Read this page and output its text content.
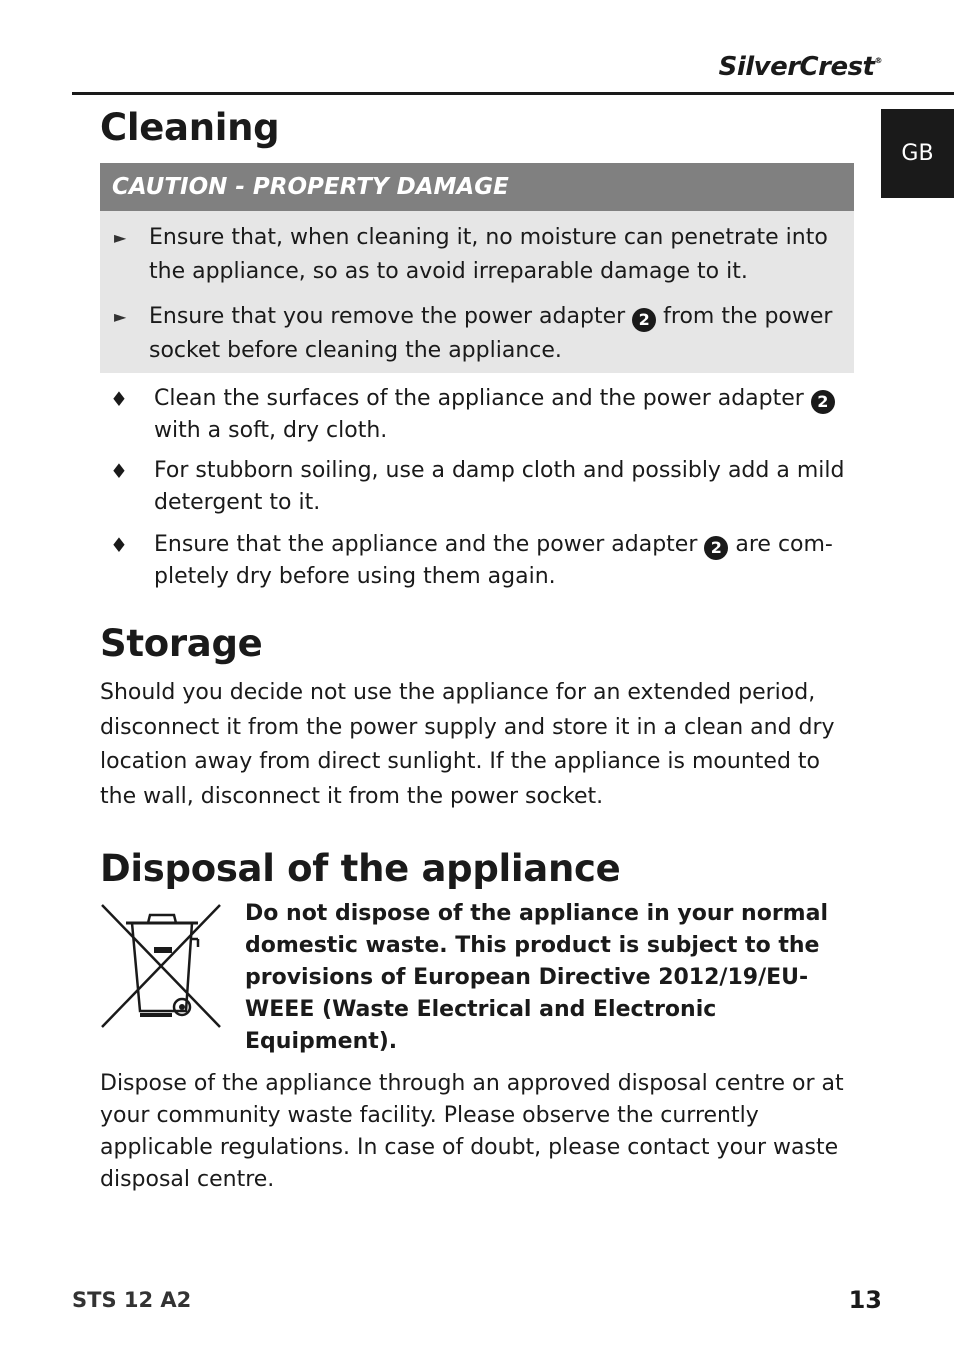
SilverCrest®
GB
Cleaning
CAUTION - PROPERTY DAMAGE
► Ensure that, when cleaning it, no moisture can penetrate into the appliance, so as to avoid irreparable damage to it.
► Ensure that you remove the power adapter 2 from the power socket before cleaning the appliance.
♦ Clean the surfaces of the appliance and the power adapter 2 with a soft, dry cloth.
♦ For stubborn soiling, use a damp cloth and possibly add a mild detergent to it.
♦ Ensure that the appliance and the power adapter 2 are com-pletely dry before using them again.
Storage
Should you decide not use the appliance for an extended period, disconnect it from the power supply and store it in a clean and dry location away from direct sunlight. If the appliance is mounted to the wall, disconnect it from the power socket.
Disposal of the appliance
Do not dispose of the appliance in your normal domestic waste. This product is subject to the provisions of European Directive 2012/19/EU-WEEE (Waste Electrical and Electronic Equipment).
Dispose of the appliance through an approved disposal centre or at your community waste facility. Please observe the currently applicable regulations. In case of doubt, please contact your waste disposal centre.
STS 12 A2	13
